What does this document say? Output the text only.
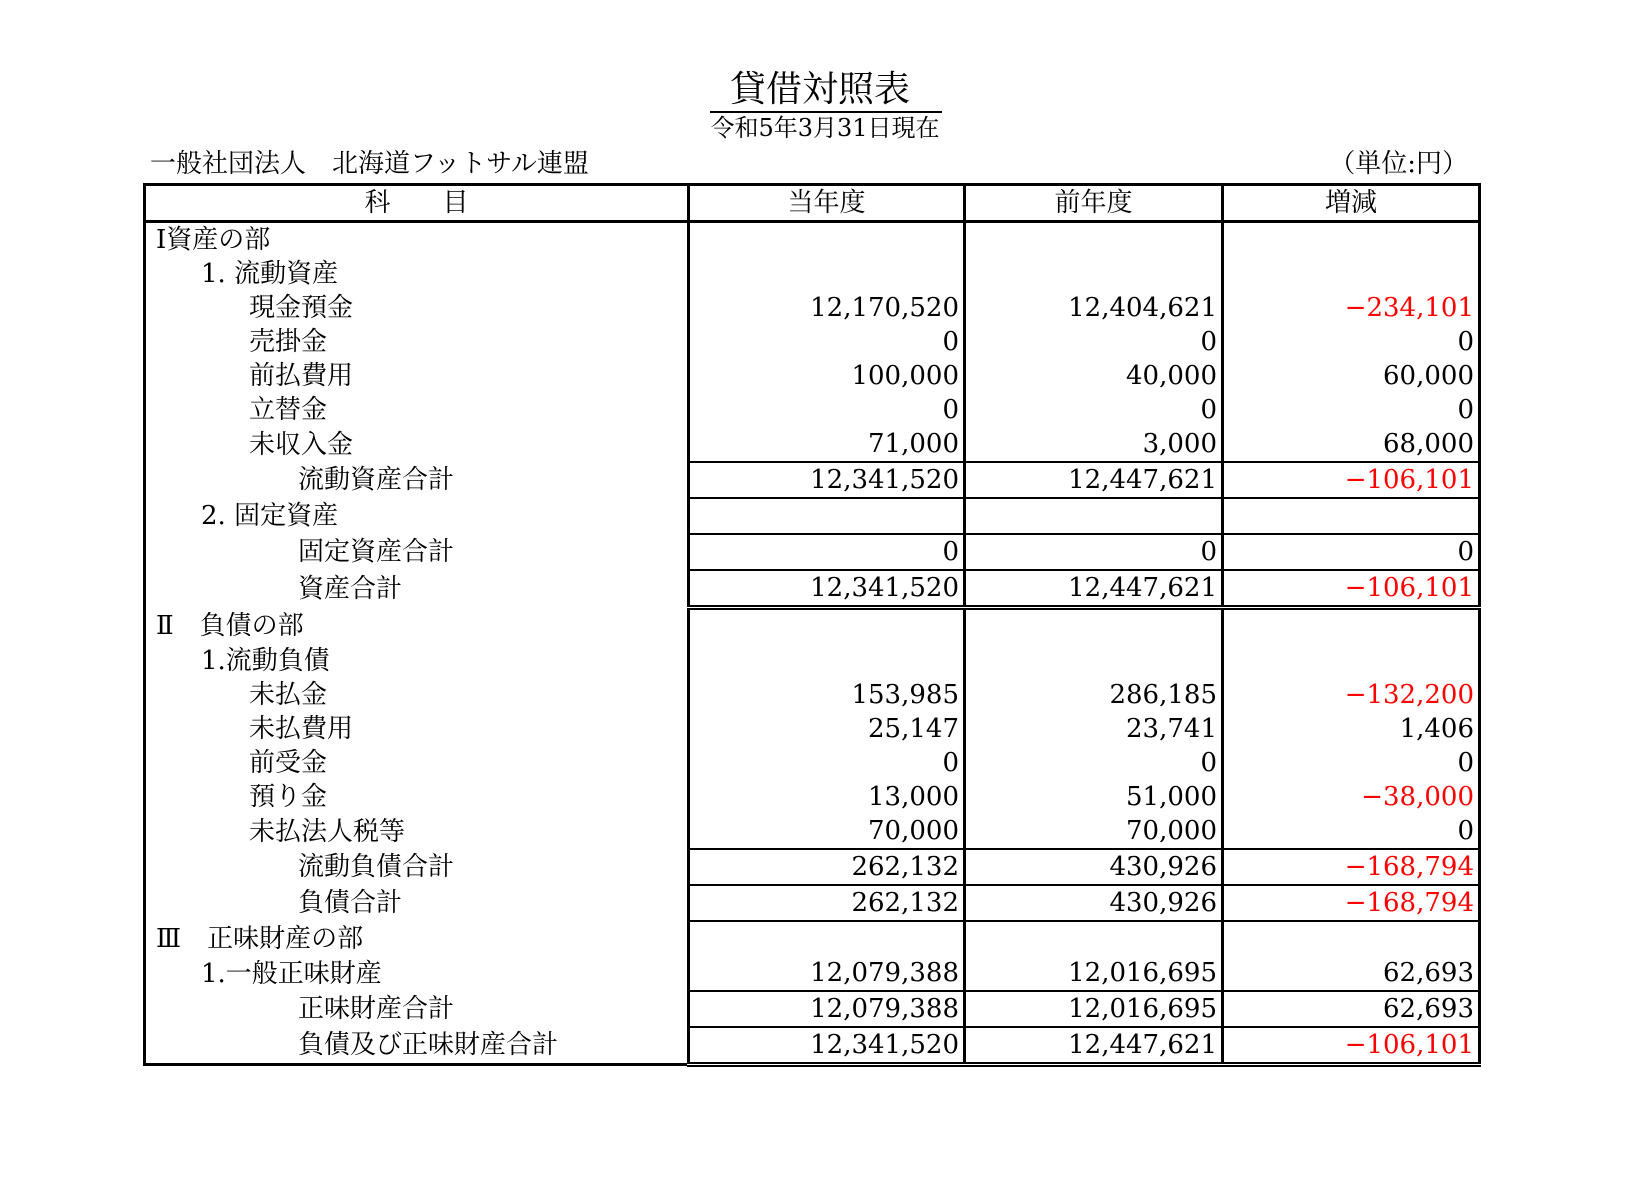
貸借対照表
令和5年3月31日現在
一般社団法人　北海道フットサル連盟	（単位:円）
科　　目	当年度	前年度	増減
Ⅰ資産の部			
1. 流動資産			
現金預金	12,170,520	12,404,621	−234,101
売掛金	0	0	0
前払費用	100,000	40,000	60,000
立替金	0	0	0
未収入金	71,000	3,000	68,000
流動資産合計	12,341,520	12,447,621	−106,101
2. 固定資産			
固定資産合計	0	0	0
資産合計	12,341,520	12,447,621	−106,101
Ⅱ　負債の部			
1.流動負債			
未払金	153,985	286,185	−132,200
未払費用	25,147	23,741	1,406
前受金	0	0	0
預り金	13,000	51,000	−38,000
未払法人税等	70,000	70,000	0
流動負債合計	262,132	430,926	−168,794
負債合計	262,132	430,926	−168,794
Ⅲ　正味財産の部			
1.一般正味財産	12,079,388	12,016,695	62,693
正味財産合計	12,079,388	12,016,695	62,693
負債及び正味財産合計	12,341,520	12,447,621	−106,101
